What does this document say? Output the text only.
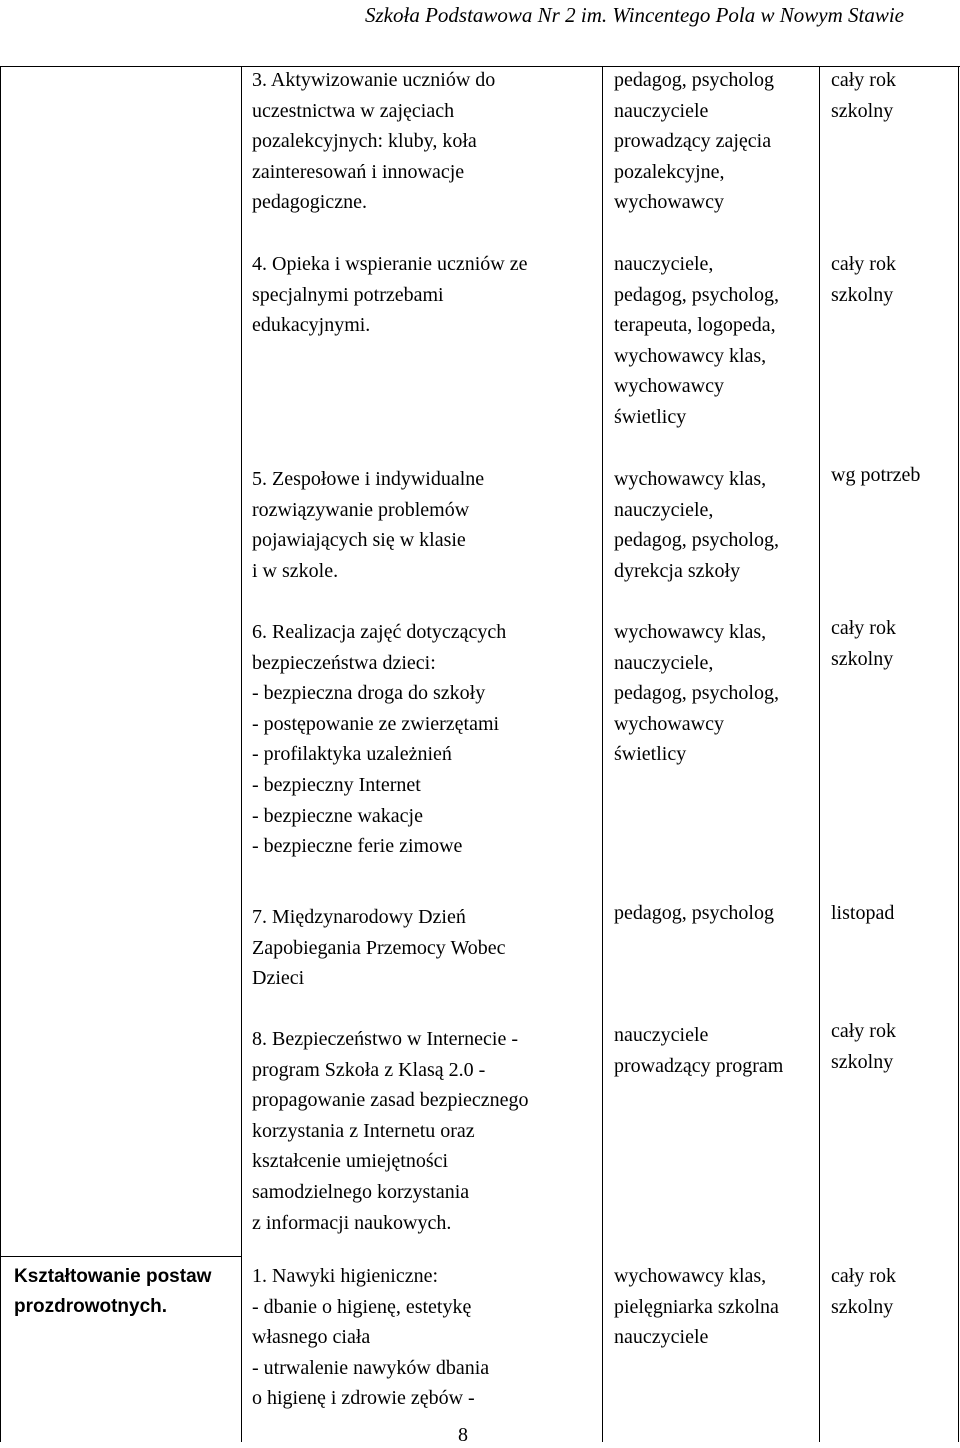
Szkoła Podstawowa Nr 2 im. Wincentego Pola w Nowym Stawie
3. Aktywizowanie uczniów do
uczestnictwa w zajęciach
pozalekcyjnych: kluby, koła
zainteresowań i innowacje
pedagogiczne.
pedagog, psycholog
nauczyciele
prowadzący zajęcia
pozalekcyjne,
wychowawcy
cały rok
szkolny
4. Opieka i wspieranie uczniów ze
specjalnymi potrzebami
edukacyjnymi.
nauczyciele,
pedagog, psycholog,
terapeuta, logopeda,
wychowawcy klas,
wychowawcy
świetlicy
cały rok
szkolny
5. Zespołowe i indywidualne
rozwiązywanie problemów
pojawiających się w klasie
i w szkole.
wychowawcy klas,
nauczyciele,
pedagog, psycholog,
dyrekcja szkoły
wg potrzeb
6. Realizacja zajęć dotyczących
bezpieczeństwa dzieci:
- bezpieczna droga do szkoły
- postępowanie ze zwierzętami
- profilaktyka uzależnień
- bezpieczny Internet
- bezpieczne wakacje
- bezpieczne ferie zimowe
wychowawcy klas,
nauczyciele,
pedagog, psycholog,
wychowawcy
świetlicy
cały rok
szkolny
7. Międzynarodowy Dzień
Zapobiegania Przemocy Wobec
Dzieci
pedagog, psycholog	listopad
8. Bezpieczeństwo w Internecie -
program Szkoła z Klasą 2.0 -
propagowanie zasad bezpiecznego
korzystania z Internetu oraz
kształcenie umiejętności
samodzielnego korzystania
z informacji naukowych.
nauczyciele
prowadzący program
cały rok
szkolny
Kształtowanie postaw
prozdrowotnych.
1. Nawyki higieniczne:
- dbanie o higienę, estetykę
własnego ciała
- utrwalenie nawyków dbania
o higienę i zdrowie zębów -
wychowawcy klas,
pielęgniarka szkolna
nauczyciele
cały rok
szkolny
8
